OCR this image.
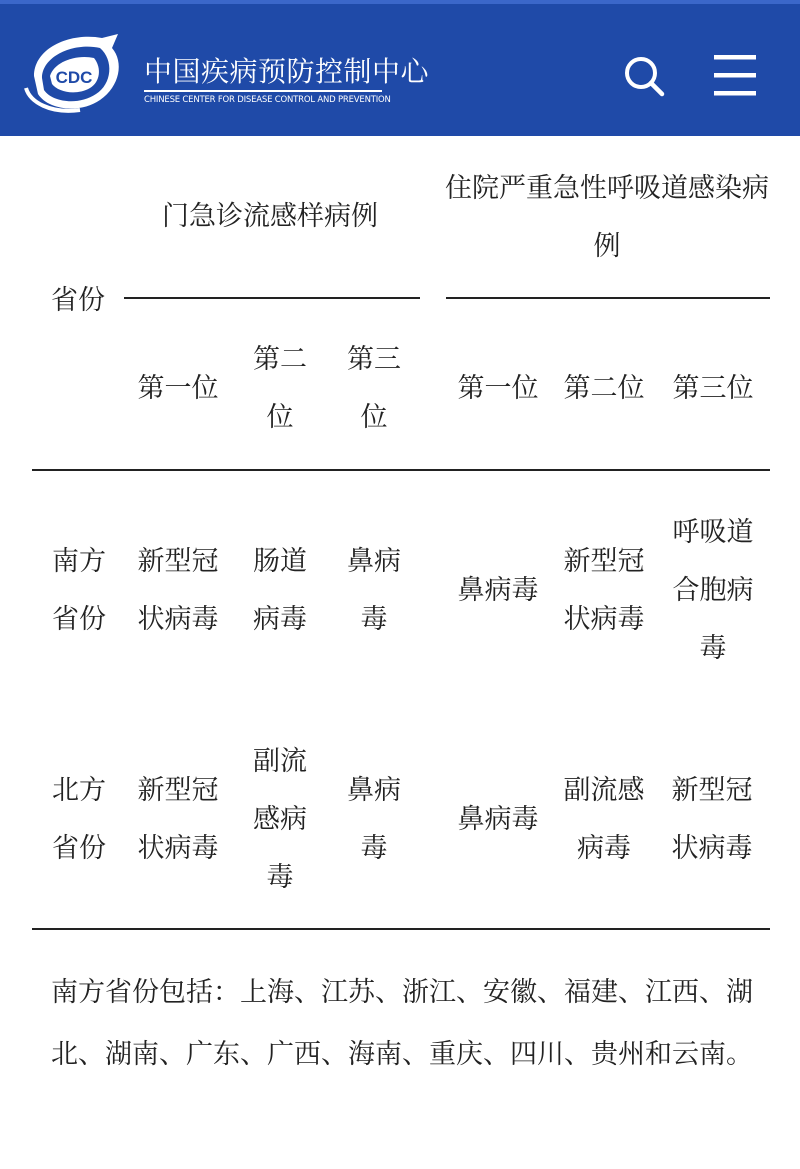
CDC 中国疾病预防控制中心
CHINESE CENTER FOR DISEASE CONTROL AND PREVENTION
省份
门急诊流感样病例
住院严重急性呼吸道感染病例
第一位
第二位
第三位
第一位 第二位	第三位
南方省份
新型冠状病毒
肠道病毒
鼻病毒
鼻病毒
新型冠状病毒
呼吸道合胞病毒
北方省份
新型冠状病毒
副流感病毒
鼻病毒
鼻病毒
副流感病毒
新型冠状病毒
南方省份包括：上海、江苏、浙江、安徽、福建、江西、湖北、湖南、广东、广西、海南、重庆、四川、贵州和云南。
